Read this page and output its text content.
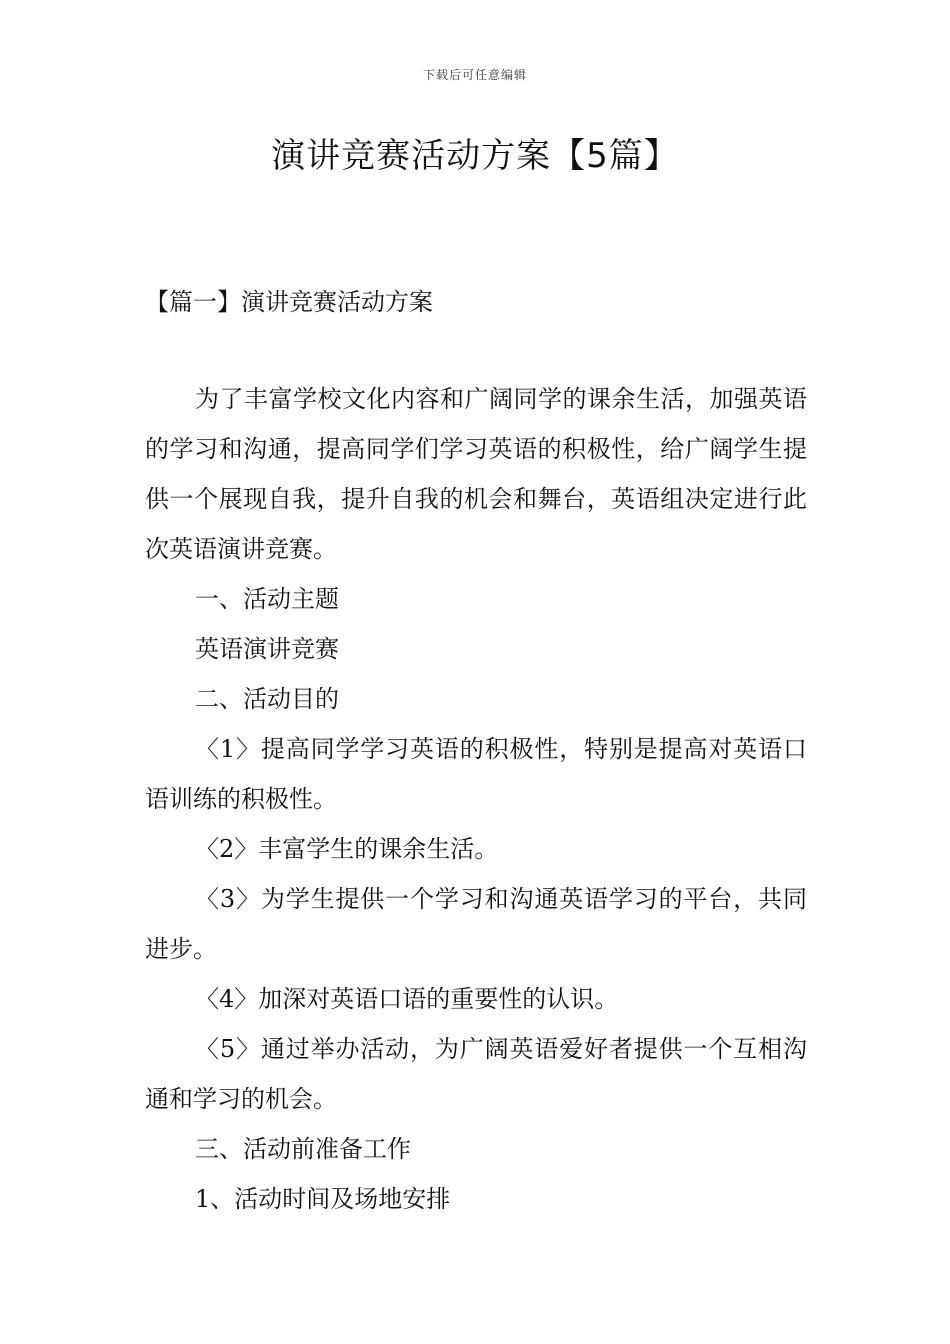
下载后可任意编辑
演讲竞赛活动方案【5篇】
【篇一】演讲竞赛活动方案

为了丰富学校文化内容和广阔同学的课余生活，加强英语的学习和沟通，提高同学们学习英语的积极性，给广阔学生提供一个展现自我，提升自我的机会和舞台，英语组决定进行此次英语演讲竞赛。

一、活动主题

英语演讲竞赛

二、活动目的

〈1〉提高同学学习英语的积极性，特别是提高对英语口语训练的积极性。

〈2〉丰富学生的课余生活。

〈3〉为学生提供一个学习和沟通英语学习的平台，共同进步。

〈4〉加深对英语口语的重要性的认识。

〈5〉通过举办活动，为广阔英语爱好者提供一个互相沟通和学习的机会。

三、活动前准备工作

1、活动时间及场地安排
